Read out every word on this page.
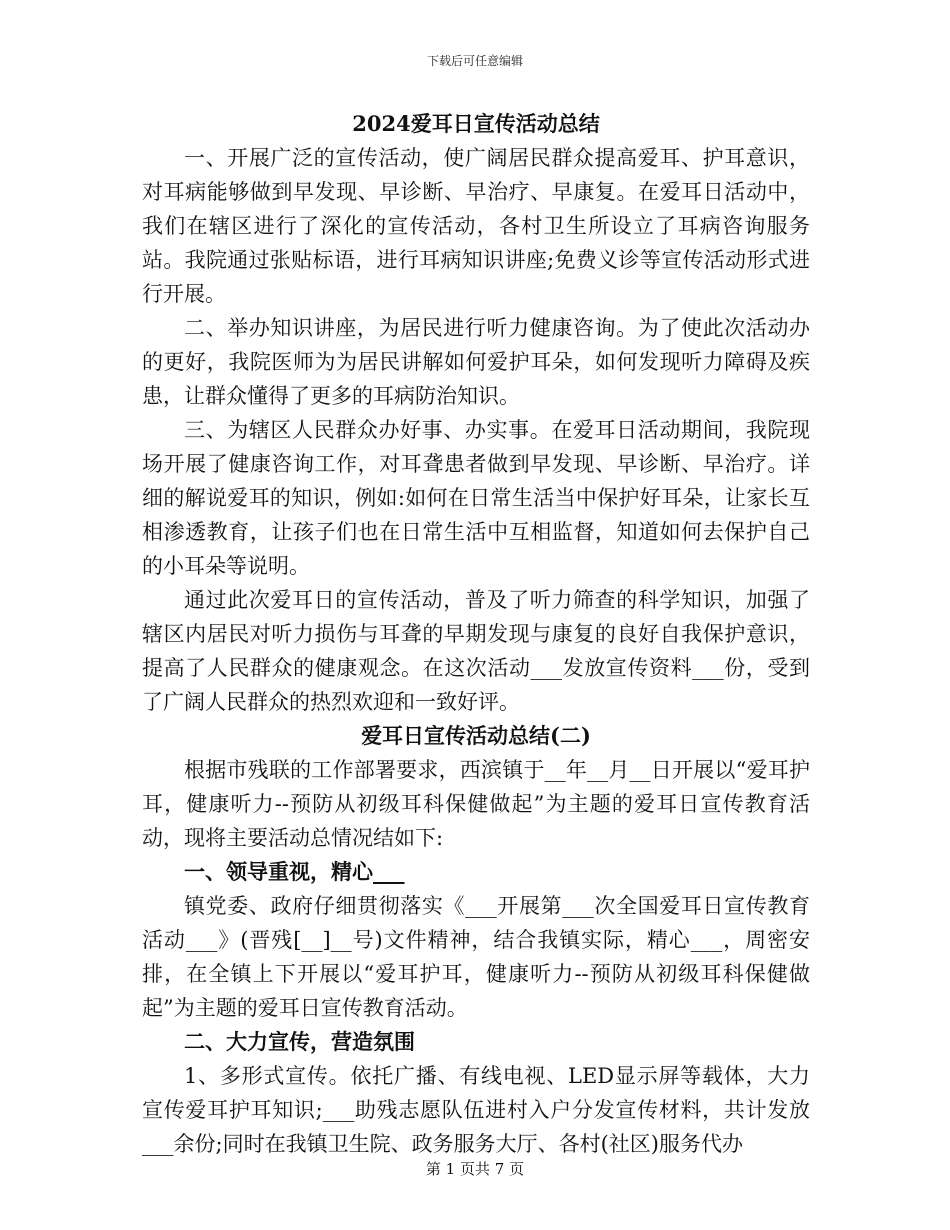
下载后可任意编辑

2024爱耳日宣传活动总结

一、开展广泛的宣传活动，使广阔居民群众提高爱耳、护耳意识，对耳病能够做到早发现、早诊断、早治疗、早康复。在爱耳日活动中，我们在辖区进行了深化的宣传活动，各村卫生所设立了耳病咨询服务站。我院通过张贴标语，进行耳病知识讲座;免费义诊等宣传活动形式进行开展。

二、举办知识讲座，为居民进行听力健康咨询。为了使此次活动办的更好，我院医师为为居民讲解如何爱护耳朵，如何发现听力障碍及疾患，让群众懂得了更多的耳病防治知识。

三、为辖区人民群众办好事、办实事。在爱耳日活动期间，我院现场开展了健康咨询工作，对耳聋患者做到早发现、早诊断、早治疗。详细的解说爱耳的知识，例如:如何在日常生活当中保护好耳朵，让家长互相渗透教育，让孩子们也在日常生活中互相监督，知道如何去保护自己的小耳朵等说明。

通过此次爱耳日的宣传活动，普及了听力筛查的科学知识，加强了辖区内居民对听力损伤与耳聋的早期发现与康复的良好自我保护意识，提高了人民群众的健康观念。在这次活动___发放宣传资料___份，受到了广阔人民群众的热烈欢迎和一致好评。

爱耳日宣传活动总结(二)

根据市残联的工作部署要求，西滨镇于__年__月__日开展以“爱耳护耳，健康听力--预防从初级耳科保健做起”为主题的爱耳日宣传教育活动，现将主要活动总情况结如下:

一、领导重视，精心___

镇党委、政府仔细贯彻落实《___开展第___次全国爱耳日宣传教育活动___》(晋残[__]__号)文件精神，结合我镇实际，精心___，周密安排，在全镇上下开展以“爱耳护耳，健康听力--预防从初级耳科保健做起”为主题的爱耳日宣传教育活动。

二、大力宣传，营造氛围

1、多形式宣传。依托广播、有线电视、LED显示屏等载体，大力宣传爱耳护耳知识;___助残志愿队伍进村入户分发宣传材料，共计发放___余份;同时在我镇卫生院、政务服务大厅、各村(社区)服务代办

第 1 页共 7 页
